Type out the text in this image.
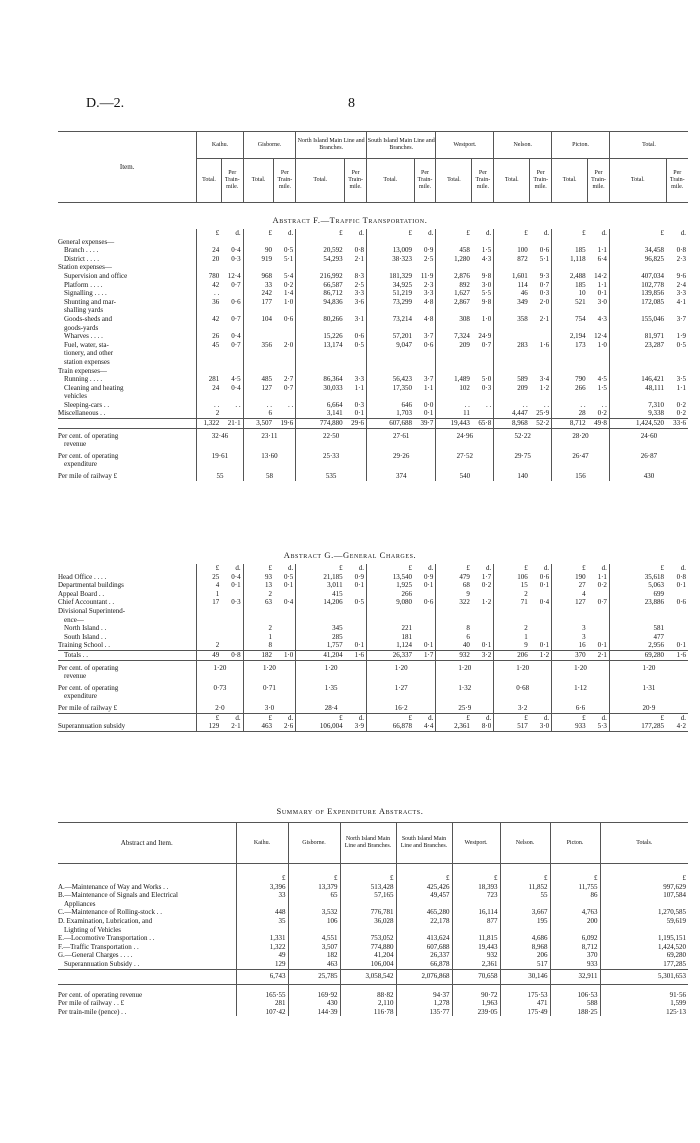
D.—2.	8
Item.	Kaihu.		Gisborne.		North Island Main Line and Branches.		South Island Main Line and Branches.		Westport.		Nelson.		Picton.		Total.	
	Total.	Per Train-mile.	Total.	Per Train-mile.	Total.	Per Train-mile.	Total.	Per Train-mile.	Total.	Per Train-mile.	Total.	Per Train-mile.	Total.	Per Train-mile.	Total.	Per Train-mile.
Abstract F.—Traffic Transportation.
	£	d.	£	d.	£	d.	£	d.	£	d.	£	d.	£	d.	£	d.
General expenses—																
Branch . . . .	24	0·4	90	0·5	20,592	0·8	13,009	0·9	458	1·5	100	0·6	185	1·1	34,458	0·8
District . . . .	20	0·3	919	5·1	54,293	2·1	38·323	2·5	1,280	4·3	872	5·1	1,118	6·4	96,825	2·3
Station expenses—																
Supervision and office	780	12·4	968	5·4	216,992	8·3	181,329	11·9	2,876	9·8	1,601	9·3	2,488	14·2	407,034	9·6
Platform . . . .	42	0·7	33	0·2	66,587	2·5	34,925	2·3	892	3·0	114	0·7	185	1·1	102,778	2·4
Signalling . . . .	. .		242	1·4	86,712	3·3	51,219	3·3	1,627	5·5	46	0·3	10	0·1	139,856	3·3
Shunting and mar-	36	0·6	177	1·0	94,836	3·6	73,299	4·8	2,867	9·8	349	2·0	521	3·0	172,085	4·1
shalling yards																
Goods-sheds and	42	0·7	104	0·6	80,266	3·1	73,214	4·8	308	1·0	358	2·1	754	4·3	155,046	3·7
goods-yards																
Wharves . . . .	26	0·4			15,226	0·6	57,201	3·7	7,324	24·9			2,194	12·4	81,971	1·9
Fuel, water, sta-	45	0·7	356	2·0	13,174	0·5	9,047	0·6	209	0·7	283	1·6	173	1·0	23,287	0·5
tionery, and other																
station expenses																
Train expenses—																
Running . . . .	281	4·5	485	2·7	86,364	3·3	56,423	3·7	1,489	5·0	589	3·4	790	4·5	146,421	3·5
Cleaning and heating	24	0·4	127	0·7	30,033	1·1	17,350	1·1	102	0·3	209	1·2	266	1·5	48,111	1·1
vehicles																
Sleeping-cars . .	. .	. .	. .	. .	6,664	0·3	646	0·0	. .	. .	. .	. .	. .	. .	7,310	0·2
Miscellaneous . .	2		6		3,141	0·1	1,703	0·1	11		4,447	25·9	28	0·2	9,338	0·2
	1,322	21·1	3,507	19·6	774,880	29·6	607,688	39·7	19,443	65·8	8,968	52·2	8,712	49·8	1,424,520	33·6
Per cent. of operating	32·46		23·11		22·50		27·61		24·96		52·22		28·20		24·60	
revenue																
Per cent. of operating	19·61		13·60		25·33		29·26		27·52		29·75		26·47		26·87	
expenditure																
Per mile of railway £	55		58		535		374		540		140		156		430	
Abstract G.—General Charges.
	£	d.	£	d.	£	d.	£	d.	£	d.	£	d.	£	d.	£	d.
Head Office . . . .	25	0·4	93	0·5	21,185	0·9	13,540	0·9	479	1·7	106	0·6	190	1·1	35,618	0·8
Departmental buildings	4	0·1	13	0·1	3,011	0·1	1,925	0·1	68	0·2	15	0·1	27	0·2	5,063	0·1
Appeal Board . .	1		2		415		266		9		2		4		699	
Chief Accountant . .	17	0·3	63	0·4	14,206	0·5	9,080	0·6	322	1·2	71	0·4	127	0·7	23,886	0·6
Divisional Superintend-																
ence—																
North Island . .			2		345		221		8		2		3		581	
South Island . .			1		285		181		6		1		3		477	
Training School . .	2		8		1,757	0·1	1,124	0·1	40	0·1	9	0·1	16	0·1	2,956	0·1
Totals . .	49	0·8	182	1·0	41,204	1·6	26,337	1·7	932	3·2	206	1·2	370	2·1	69,280	1·6
Per cent. of operating	1·20		1·20		1·20		1·20		1·20		1·20		1·20		1·20	
revenue																
Per cent. of operating	0·73		0·71		1·35		1·27		1·32		0·68		1·12		1·31	
expenditure																
Per mile of railway £	2·0		3·0		28·4		16·2		25·9		3·2		6·6		20·9	
	£	d.	£	d.	£	d.	£	d.	£	d.	£	d.	£	d.	£	d.
Superannuation subsidy	129	2·1	463	2·6	106,004	3·9	66,878	4·4	2,361	8·0	517	3·0	933	5·3	177,285	4·2
Summary of Expenditure Abstracts.
Abstract and Item.	Kaihu.	Gisborne.	North Island Main Line and Branches.	South Island Main Line and Branches.	Westport.	Nelson.	Picton.	Totals.
	£	£	£	£	£	£	£	£
A.—Maintenance of Way and Works . .	3,396	13,379	513,428	425,426	18,393	11,852	11,755	997,629
B.—Maintenance of Signals and Electrical	33	65	57,165	49,457	723	55	86	107,584
Appliances								
C.—Maintenance of Rolling-stock . .	448	3,532	776,781	465,280	16,114	3,667	4,763	1,270,585
D. Examination, Lubrication, and	35	106	36,028	22,178	877	195	200	59,619
Lighting of Vehicles								
E.—Locomotive Transportation . .	1,331	4,551	753,052	413,624	11,815	4,686	6,092	1,195,151
F.—Traffic Transportation . .	1,322	3,507	774,880	607,688	19,443	8,968	8,712	1,424,520
G.—General Charges . . . .	49	182	41,204	26,337	932	206	370	69,280
Superannuation Subsidy . .	129	463	106,004	66,878	2,361	517	933	177,285
	6,743	25,785	3,058,542	2,076,868	70,658	30,146	32,911	5,301,653
Per cent. of operating revenue	165·55	169·92	88·82	94·37	90·72	175·53	106·53	91·56
Per mile of railway . . £	281	430	2,110	1,278	1,963	471	588	1,599
Per train-mile (pence) . .	107·42	144·39	116·78	135·77	239·05	175·49	188·25	125·13
